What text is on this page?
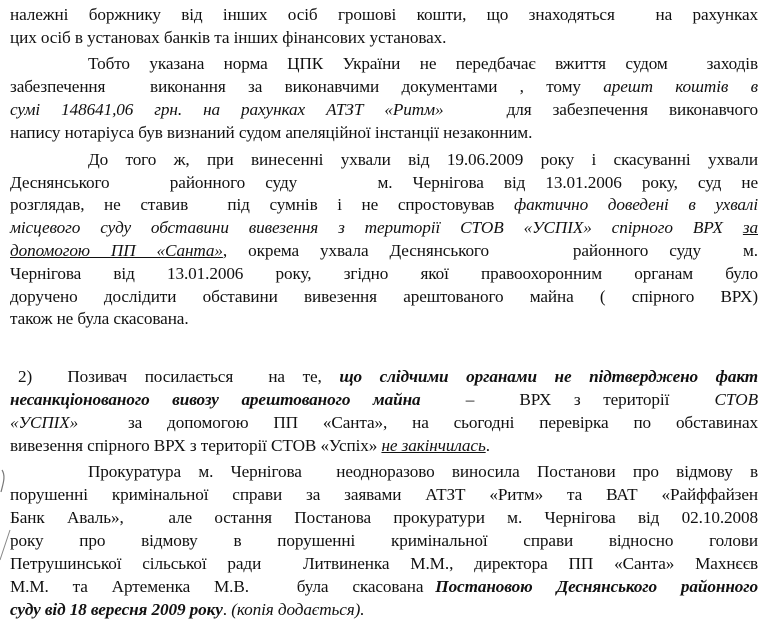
належні боржнику від інших осіб грошові кошти, що знаходяться  на рахунках
цих осіб в установах банків та інших фінансових установах.
Тобто указана норма ЦПК України не передбачає вжиття судом  заходів
забезпечення  виконання за виконавчими документами , тому арешт коштів в
сумі 148641,06 грн. на рахунках АТЗТ «Ритм»   для забезпечення виконавчого
напису нотаріуса був визнаний судом апеляційної інстанції незаконним.
До того ж, при винесенні ухвали від 19.06.2009 року і скасуванні ухвали
Деснянського   районного суду    м. Чернігова від 13.01.2006 року, суд не
розглядав, не ставив  під сумнів і не спростовував фактично доведені в ухвалі
місцевого суду обставини вивезення з території СТОВ «УСПІХ» спірного ВРХ за
допомогою ПП «Санта», окрема ухвала Деснянського    районного суду  м.
Чернігова  від  13.01.2006  року,  згідно  якої  правоохоронним  органам  було
доручено дослідити обставини вивезення арештованого майна ( спірного ВРХ)
також не була скасована.
2)  Позивач посилається  на те, що слідчими органами не підтверджено факт
несанкціонованого вивозу арештованого майна  –  ВРХ з території  СТОВ
«УСПІХ»  за допомогою ПП «Санта», на сьогодні перевірка по обставинах
вивезення спірного ВРХ з території СТОВ «Успіх» не закінчилась.
Прокуратура м. Чернігова  неодноразово виносила Постанови про відмову в
порушенні кримінальної справи за заявами АТЗТ «Ритм» та ВАТ «Райффайзен
Банк Аваль»,  але остання Постанова прокуратури м. Чернігова від 02.10.2008
року  про  відмову  в  порушенні  кримінальної  справи  відносно  голови
Петрушинської сільської ради  Литвиненка М.М., директора ПП «Санта» Махнєєв
М.М.  та  Артеменка  М.В.    була  скасована Постановою  Деснянського  районного
суду від 18 вересня 2009 року. (копія додається).
